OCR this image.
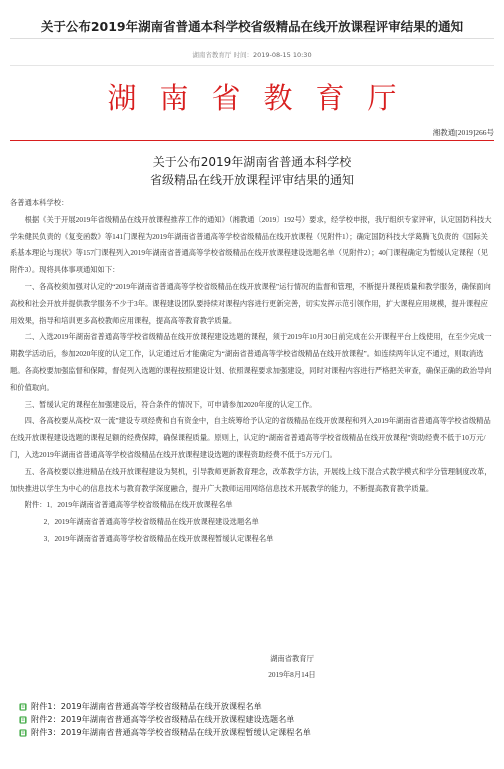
关于公布2019年湖南省普通本科学校省级精品在线开放课程评审结果的通知
湖南省教育厅 时间：2019-08-15 10:30
湖南省教育厅
湘教通[2019]266号
关于公布2019年湖南省普通本科学校
省级精品在线开放课程评审结果的通知

各普通本科学校：

根据《关于开展2019年省级精品在线开放课程推荐工作的通知》（湘教通〔2019〕192号）要求，经学校申报，我厅组织专家评审，认定国防科技大学朱健民负责的《复变函数》等141门课程为2019年湖南省普通高等学校省级精品在线开放课程（见附件1）；确定国防科技大学葛腾飞负责的《国际关系基本理论与现状》等157门课程列入2019年湖南省普通高等学校省级精品在线开放课程建设选题名单（见附件2）；40门课程确定为暂缓认定课程（见附件3）。现将具体事项通知如下：

一、各高校须加强对认定的“2019年湖南省普通高等学校省级精品在线开放课程”运行情况的监督和管理，不断提升课程质量和教学服务，确保面向高校和社会开放并提供教学服务不少于3年。课程建设团队要持续对课程内容进行更新完善，切实发挥示范引领作用，扩大课程应用规模，提升课程应用效果，指导和培训更多高校教师应用课程，提高高等教育教学质量。

二、入选2019年湖南省普通高等学校省级精品在线开放课程建设选题的课程，须于2019年10月30日前完成在公开课程平台上线使用，在至少完成一期教学活动后，参加2020年度的认定工作，认定通过后才能确定为“湖南省普通高等学校省级精品在线开放课程”。如连续两年认定不通过，则取消选题。各高校要加强监督和保障，督促列入选题的课程按照建设计划、依照课程要求加强建设，同时对课程内容进行严格把关审查，确保正确的政治导向和价值取向。

三、暂缓认定的课程在加强建设后，符合条件的情况下，可申请参加2020年度的认定工作。

四、各高校要从高校“双一流”建设专项经费和自有资金中，自主统筹给予认定的省级精品在线开放课程和列入2019年湖南省普通高等学校省级精品在线开放课程建设选题的课程足额的经费保障，确保课程质量。原则上，认定的“湖南省普通高等学校省级精品在线开放课程”资助经费不低于10万元/门，入选2019年湖南省普通高等学校省级精品在线开放课程建设选题的课程资助经费不低于5万元/门。

五、各高校要以推进精品在线开放课程建设为契机，引导教师更新教育理念，改革教学方法，开展线上线下混合式教学模式和学分管理制度改革，加快推进以学生为中心的信息技术与教育教学深度融合，提升广大教师运用网络信息技术开展教学的能力，不断提高教育教学质量。

附件：1．2019年湖南省普通高等学校省级精品在线开放课程名单

2．2019年湖南省普通高等学校省级精品在线开放课程建设选题名单

3．2019年湖南省普通高等学校省级精品在线开放课程暂缓认定课程名单

湖南省教育厅
2019年8月14日
附件1：2019年湖南省普通高等学校省级精品在线开放课程名单
附件2：2019年湖南省普通高等学校省级精品在线开放课程建设选题名单
附件3：2019年湖南省普通高等学校省级精品在线开放课程暂缓认定课程名单
